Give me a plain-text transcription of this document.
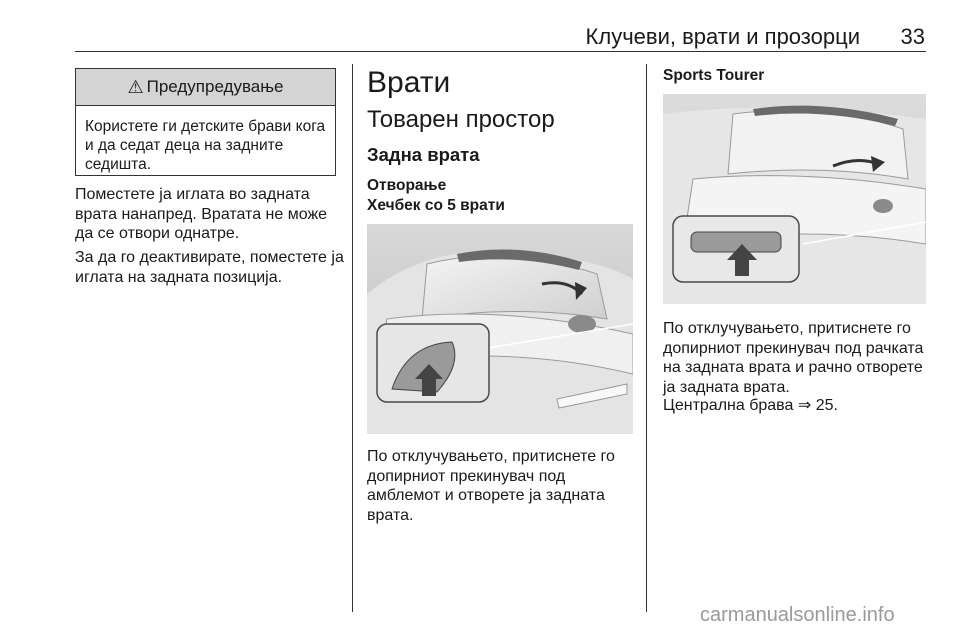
Клучеви, врати и прозорци	33
⚠ Предупредување
Користете ги детските брави кога и да седат деца на задните седишта.
Поместете ја иглата во задната врата нанапред. Вратата не може да се отвори однатре.
За да го деактивирате, поместете ја иглата на задната позиција.
Врати
Товарен простор
Задна врата
Отворање
Хечбек со 5 врати
По отклучувањето, притиснете го допирниот прекинувач под амблемот и отворете ја задната врата.
Sports Tourer
По отклучувањето, притиснете го допирниот прекинувач под рачката на задната врата и рачно отворете ја задната врата.
Централна брава ⇒ 25.
carmanualsonline.info
